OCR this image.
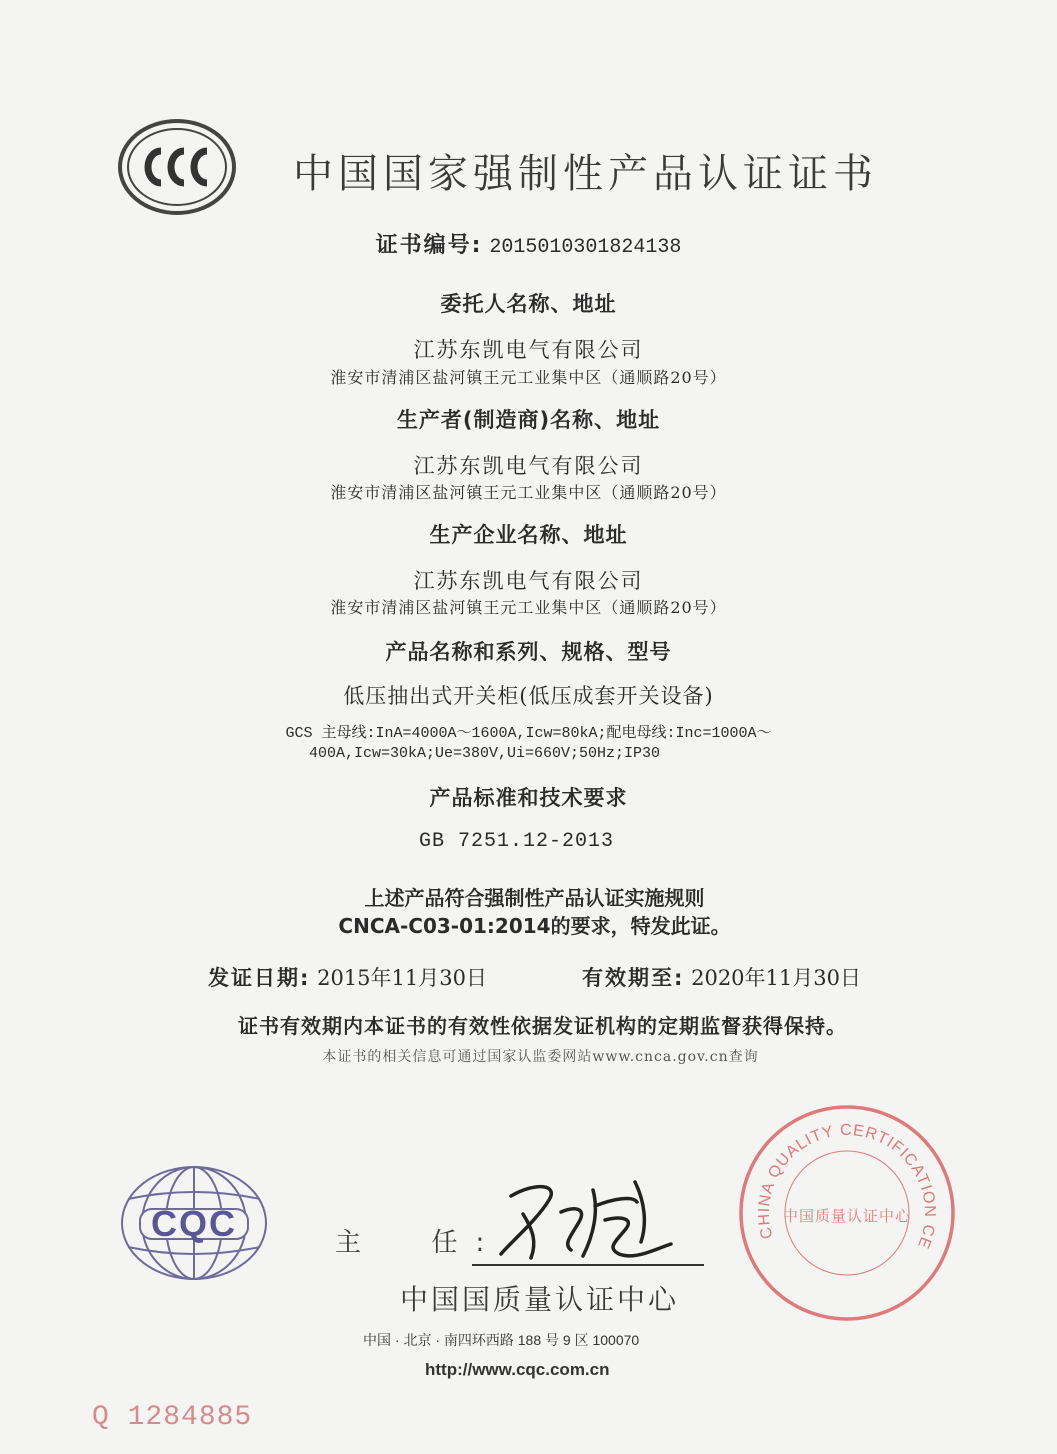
中国国家强制性产品认证证书
证书编号: 2015010301824138
委托人名称、地址
江苏东凯电气有限公司
淮安市清浦区盐河镇王元工业集中区（通顺路20号）
生产者(制造商)名称、地址
江苏东凯电气有限公司
淮安市清浦区盐河镇王元工业集中区（通顺路20号）
生产企业名称、地址
江苏东凯电气有限公司
淮安市清浦区盐河镇王元工业集中区（通顺路20号）
产品名称和系列、规格、型号
低压抽出式开关柜(低压成套开关设备)
GCS 主母线:InA=4000A～1600A,Icw=80kA;配电母线:Inc=1000A～
400A,Icw=30kA;Ue=380V,Ui=660V;50Hz;IP30
产品标准和技术要求
GB 7251.12-2013
上述产品符合强制性产品认证实施规则
CNCA-C03-01:2014的要求，特发此证。
发证日期: 2015年11月30日	有效期至: 2020年11月30日
证书有效期内本证书的有效性依据发证机构的定期监督获得保持。
本证书的相关信息可通过国家认监委网站www.cnca.gov.cn查询
CQC	主  任:
中国国质量认证中心
中国 · 北京 · 南四环西路 188 号 9 区 100070
http://www.cqc.com.cn
CHINA QUALITY CERTIFICATION CE
中国质量认证中心
Q 1284885
